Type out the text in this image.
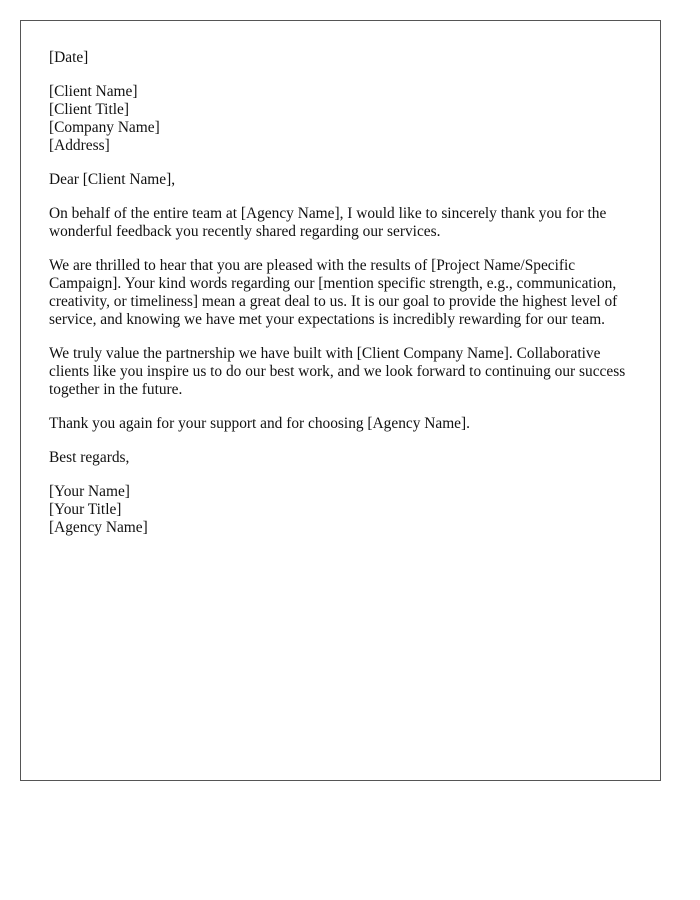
[Date]

[Client Name]
[Client Title]
[Company Name]
[Address]

Dear [Client Name],

On behalf of the entire team at [Agency Name], I would like to sincerely thank you for the wonderful feedback you recently shared regarding our services.

We are thrilled to hear that you are pleased with the results of [Project Name/Specific Campaign]. Your kind words regarding our [mention specific strength, e.g., communication, creativity, or timeliness] mean a great deal to us. It is our goal to provide the highest level of service, and knowing we have met your expectations is incredibly rewarding for our team.

We truly value the partnership we have built with [Client Company Name]. Collaborative clients like you inspire us to do our best work, and we look forward to continuing our success together in the future.

Thank you again for your support and for choosing [Agency Name].

Best regards,

[Your Name]
[Your Title]
[Agency Name]
